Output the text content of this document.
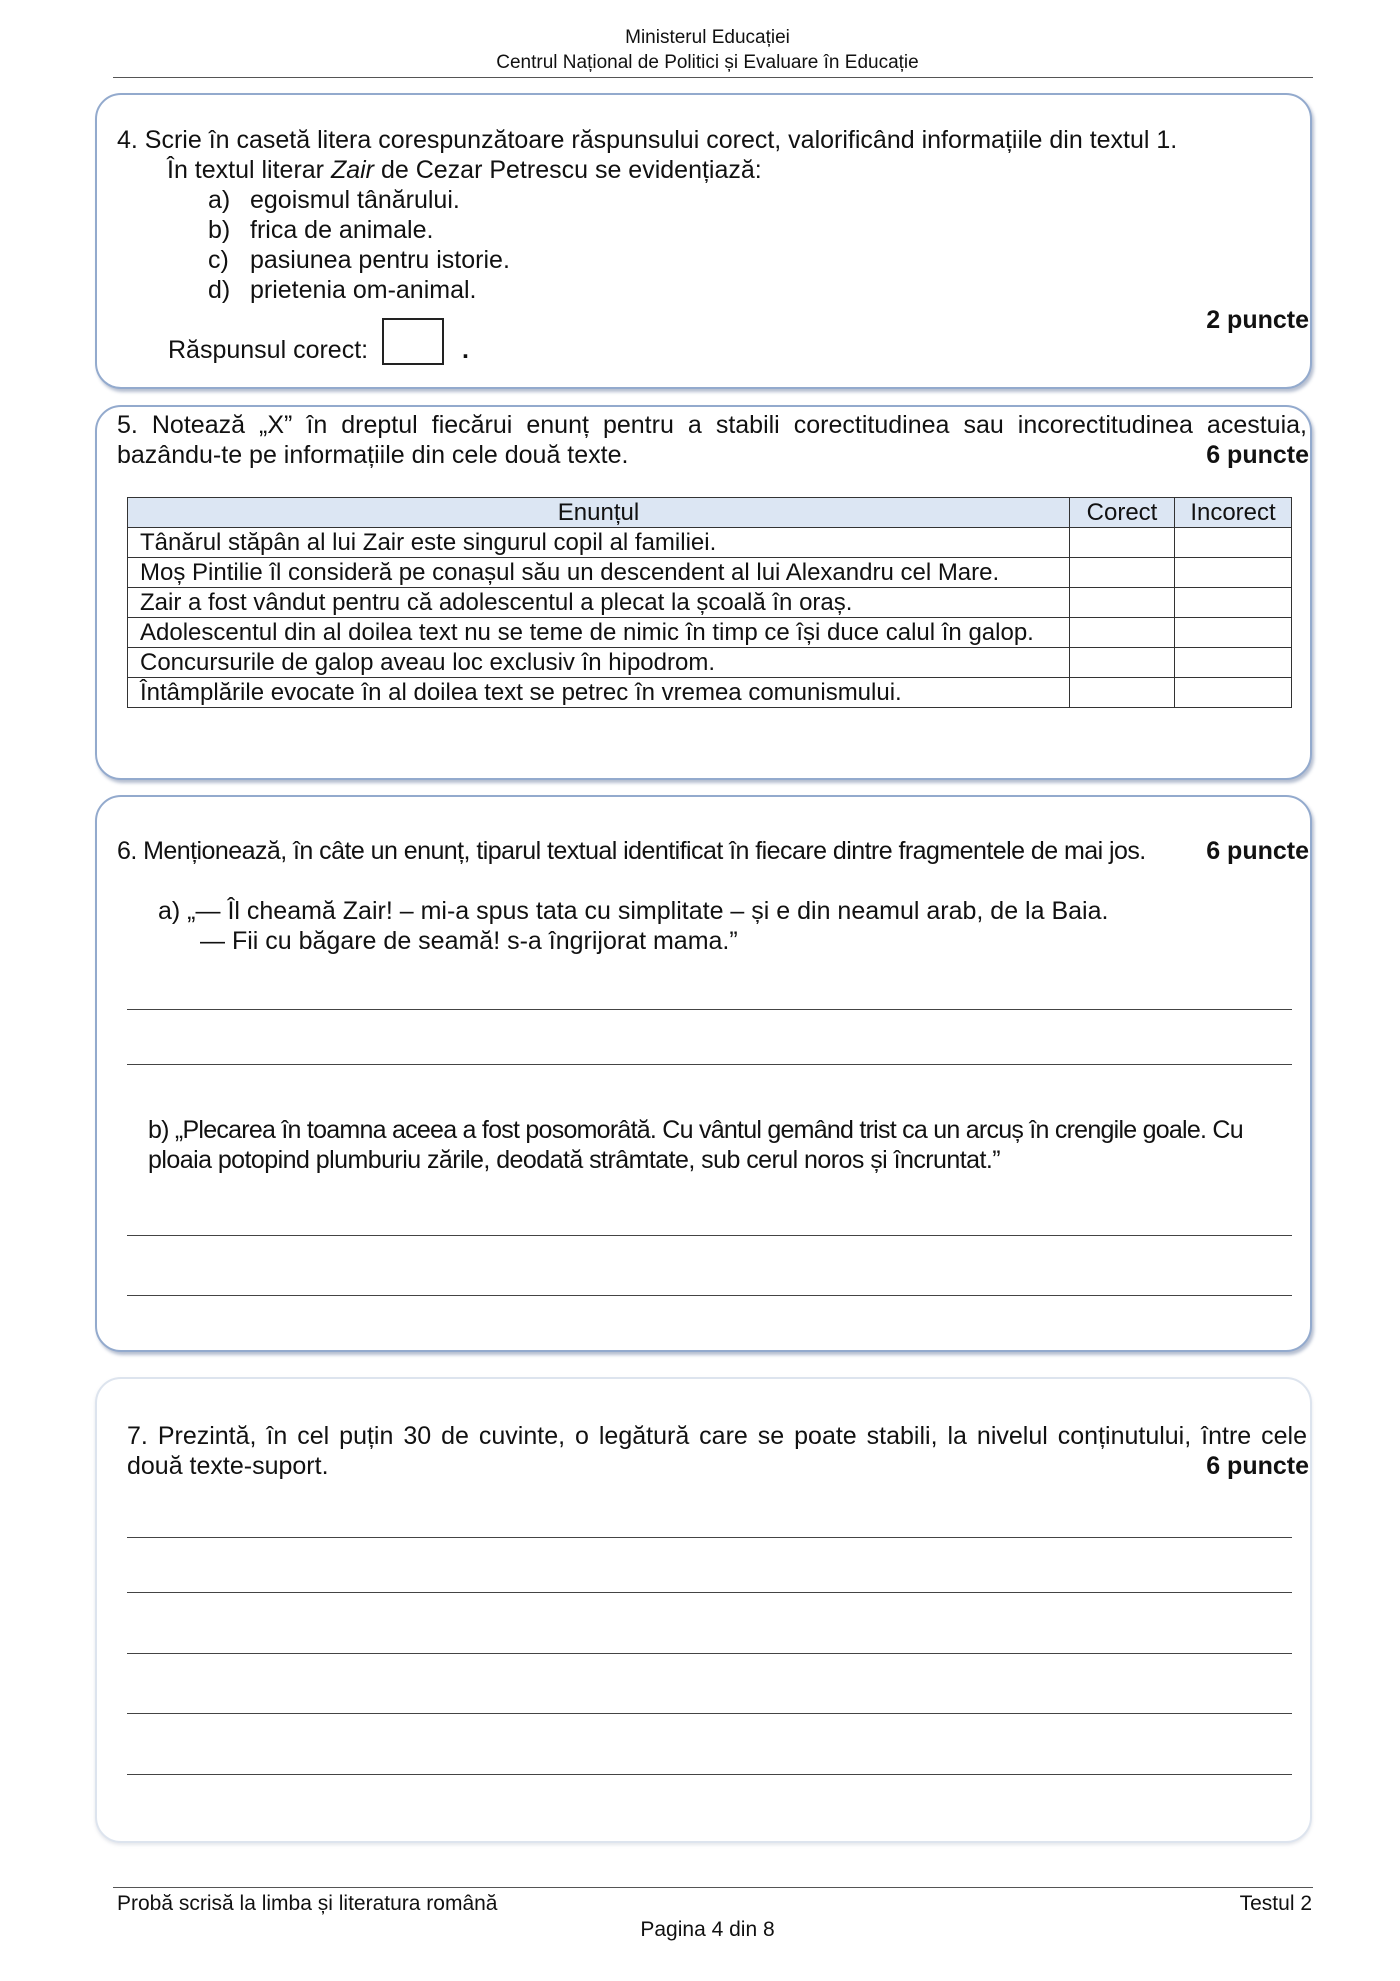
Ministerul Educației
Centrul Național de Politici și Evaluare în Educație
4. Scrie în casetă litera corespunzătoare răspunsului corect, valorificând informațiile din textul 1.
În textul literar Zair de Cezar Petrescu se evidențiază:
a) egoismul tânărului.
b) frica de animale.
c) pasiunea pentru istorie.
d) prietenia om-animal.
2 puncte
Răspunsul corect:	.
5. Notează „X” în dreptul fiecărui enunț pentru a stabili corectitudinea sau incorectitudinea acestuia,
bazându-te pe informațiile din cele două texte.	6 puncte
Enunțul	Corect	Incorect
Tânărul stăpân al lui Zair este singurul copil al familiei.		
Moș Pintilie îl consideră pe conașul său un descendent al lui Alexandru cel Mare.		
Zair a fost vândut pentru că adolescentul a plecat la școală în oraș.		
Adolescentul din al doilea text nu se teme de nimic în timp ce își duce calul în galop.		
Concursurile de galop aveau loc exclusiv în hipodrom.		
Întâmplările evocate în al doilea text se petrec în vremea comunismului.		
6. Menționează, în câte un enunț, tiparul textual identificat în fiecare dintre fragmentele de mai jos. 6 puncte
a) „— Îl cheamă Zair! – mi-a spus tata cu simplitate – și e din neamul arab, de la Baia.
— Fii cu băgare de seamă! s-a îngrijorat mama.”
b) „Plecarea în toamna aceea a fost posomorâtă. Cu vântul gemând trist ca un arcuș în crengile goale. Cu
ploaia potopind plumburiu zările, deodată strâmtate, sub cerul noros și încruntat.”
7. Prezintă, în cel puțin 30 de cuvinte, o legătură care se poate stabili, la nivelul conținutului, între cele
două texte-suport.	6 puncte
Probă scrisă la limba și literatura română	Testul 2
Pagina 4 din 8
